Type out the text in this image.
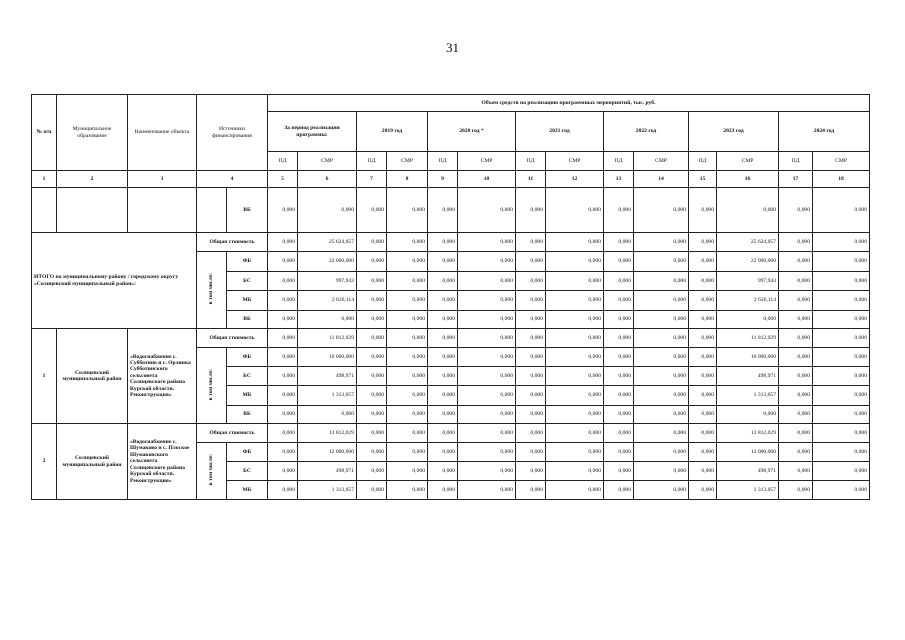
31
№ п/п	Муниципальное образование	Наименование объекта	Источники финансирования		Объем средств на реализацию программных мероприятий, тыс. руб.													
					За период реализации программы:		2019 год		2020 год *		2021 год		2022 год		2023 год		2024 год	
					ПД	СМР	ПД	СМР	ПД	СМР	ПД	СМР	ПД	СМР	ПД	СМР	ПД	СМР
1	2	3	4		5	6	7	8	9	10	11	12	13	14	15	16	17	18
				ВБ	0,000	0,000	0,000	0,000	0,000	0,000	0,000	0,000	0,000	0,000	0,000	0,000	0,000	0,000
ИТОГО по муниципальному району / городскому округу «Солнцевский муниципальный район»:			Общая стоимость		0,000	25 624,057	0,000	0,000	0,000	0,000	0,000	0,000	0,000	0,000	0,000	25 624,057	0,000	0,000
			в том числе:	ФБ	0,000	22 000,000	0,000	0,000	0,000	0,000	0,000	0,000	0,000	0,000	0,000	22 000,000	0,000	0,000
				БС	0,000	997,943	0,000	0,000	0,000	0,000	0,000	0,000	0,000	0,000	0,000	997,943	0,000	0,000
				МБ	0,000	2 626,114	0,000	0,000	0,000	0,000	0,000	0,000	0,000	0,000	0,000	2 626,114	0,000	0,000
				ВБ	0,000	0,000	0,000	0,000	0,000	0,000	0,000	0,000	0,000	0,000	0,000	0,000	0,000	0,000
1	Солнцевский муниципальный район	«Водоснабжение с. Субботино и с. Орлянка Субботинского сельсовета Солнцевского района Курской области. Реконструкция»	Общая стоимость		0,000	11 812,029	0,000	0,000	0,000	0,000	0,000	0,000	0,000	0,000	0,000	11 812,029	0,000	0,000
			в том числе:	ФБ	0,000	10 000,000	0,000	0,000	0,000	0,000	0,000	0,000	0,000	0,000	0,000	10 000,000	0,000	0,000
				БС	0,000	498,971	0,000	0,000	0,000	0,000	0,000	0,000	0,000	0,000	0,000	498,971	0,000	0,000
				МБ	0,000	1 313,057	0,000	0,000	0,000	0,000	0,000	0,000	0,000	0,000	0,000	1 313,057	0,000	0,000
				ВБ	0,000	0,000	0,000	0,000	0,000	0,000	0,000	0,000	0,000	0,000	0,000	0,000	0,000	0,000
2	Солнцевский муниципальный район	«Водоснабжение с. Шумаково и с. Плоское Шумаковского сельсовета Солнцевского района Курской области. Реконструкция»	Общая стоимость		0,000	13 812,029	0,000	0,000	0,000	0,000	0,000	0,000	0,000	0,000	0,000	13 812,029	0,000	0,000
			в том числе:	ФБ	0,000	12 000,000	0,000	0,000	0,000	0,000	0,000	0,000	0,000	0,000	0,000	12 000,000	0,000	0,000
				БС	0,000	498,971	0,000	0,000	0,000	0,000	0,000	0,000	0,000	0,000	0,000	498,971	0,000	0,000
				МБ	0,000	1 313,057	0,000	0,000	0,000	0,000	0,000	0,000	0,000	0,000	0,000	1 313,057	0,000	0,000
